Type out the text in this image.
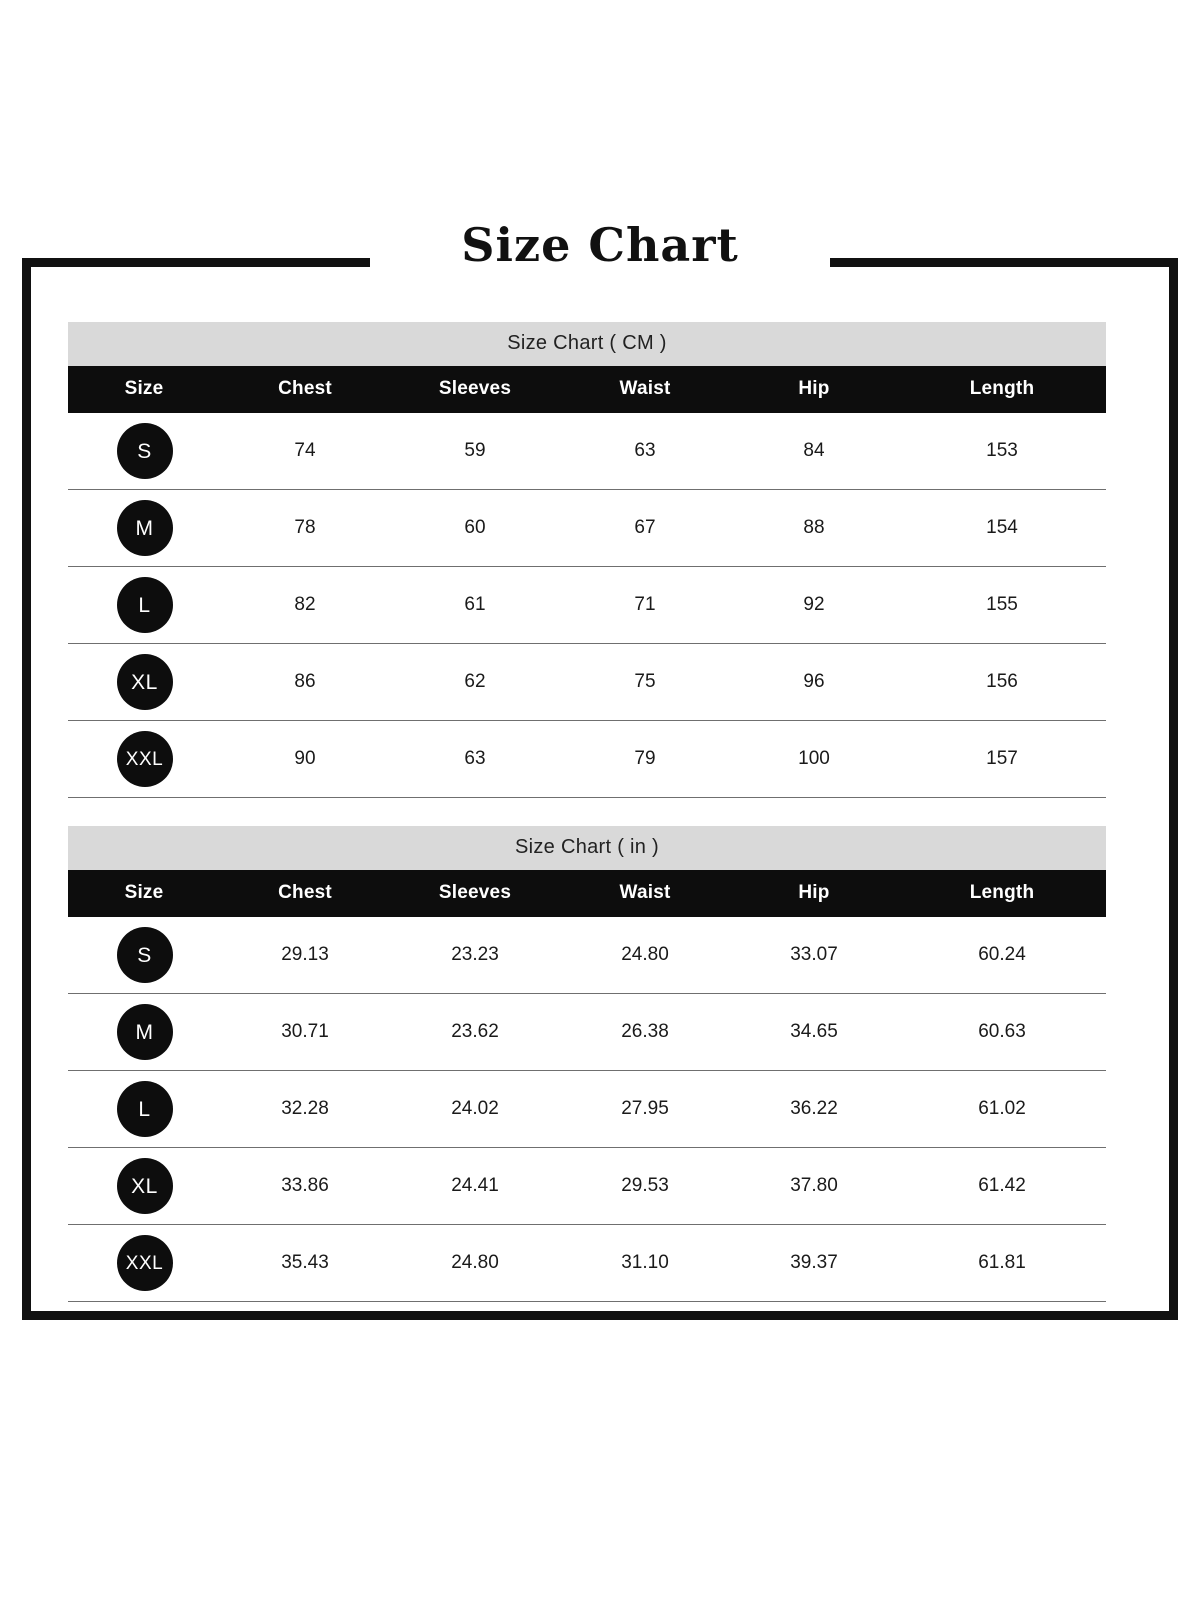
Size Chart
Size Chart ( CM )
Size	Chest	Sleeves	Waist	Hip	Length
S	74	59	63	84	153
M	78	60	67	88	154
L	82	61	71	92	155
XL	86	62	75	96	156
XXL	90	63	79	100	157
Size Chart ( in )
Size	Chest	Sleeves	Waist	Hip	Length
S	29.13	23.23	24.80	33.07	60.24
M	30.71	23.62	26.38	34.65	60.63
L	32.28	24.02	27.95	36.22	61.02
XL	33.86	24.41	29.53	37.80	61.42
XXL	35.43	24.80	31.10	39.37	61.81
